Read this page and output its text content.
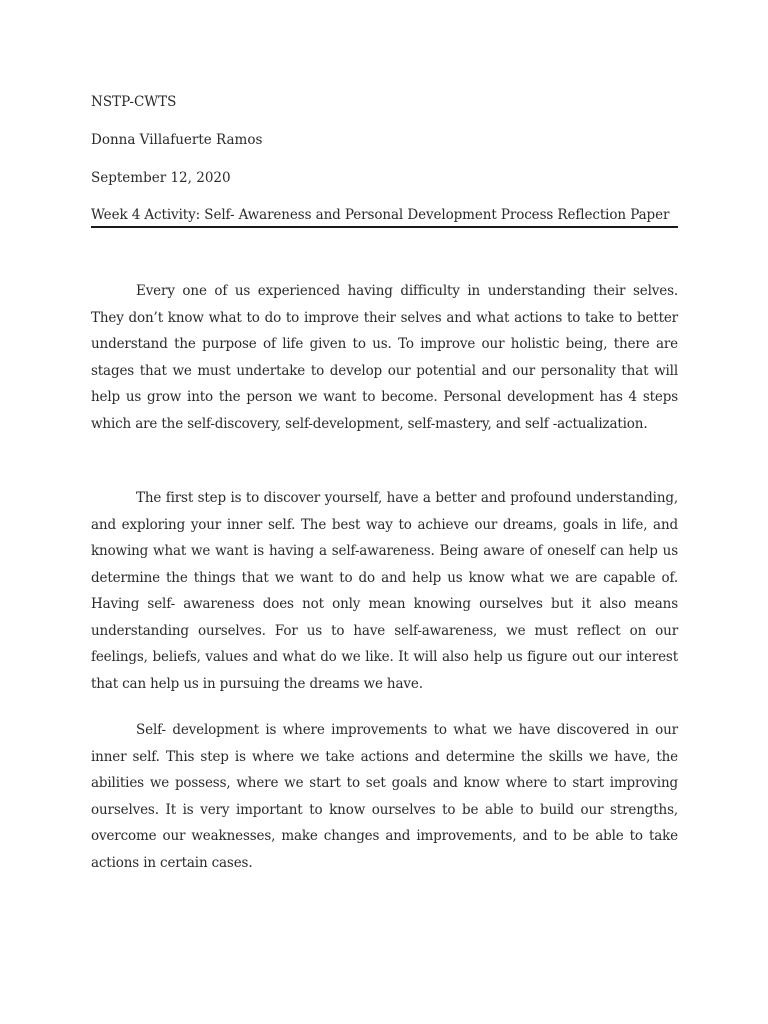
NSTP-CWTS
Donna Villafuerte Ramos
September 12, 2020
Week 4 Activity: Self- Awareness and Personal Development Process Reflection Paper

Every one of us experienced having difficulty in understanding their selves. They don’t know what to do to improve their selves and what actions to take to better understand the purpose of life given to us. To improve our holistic being, there are stages that we must undertake to develop our potential and our personality that will help us grow into the person we want to become. Personal development has 4 steps which are the self-discovery, self-development, self-mastery, and self -actualization.

The first step is to discover yourself, have a better and profound understanding, and exploring your inner self. The best way to achieve our dreams, goals in life, and knowing what we want is having a self-awareness. Being aware of oneself can help us determine the things that we want to do and help us know what we are capable of. Having self- awareness does not only mean knowing ourselves but it also means understanding ourselves. For us to have self-awareness, we must reflect on our feelings, beliefs, values and what do we like. It will also help us figure out our interest that can help us in pursuing the dreams we have.

Self- development is where improvements to what we have discovered in our inner self. This step is where we take actions and determine the skills we have, the abilities we possess, where we start to set goals and know where to start improving ourselves. It is very important to know ourselves to be able to build our strengths, overcome our weaknesses, make changes and improvements, and to be able to take actions in certain cases.
